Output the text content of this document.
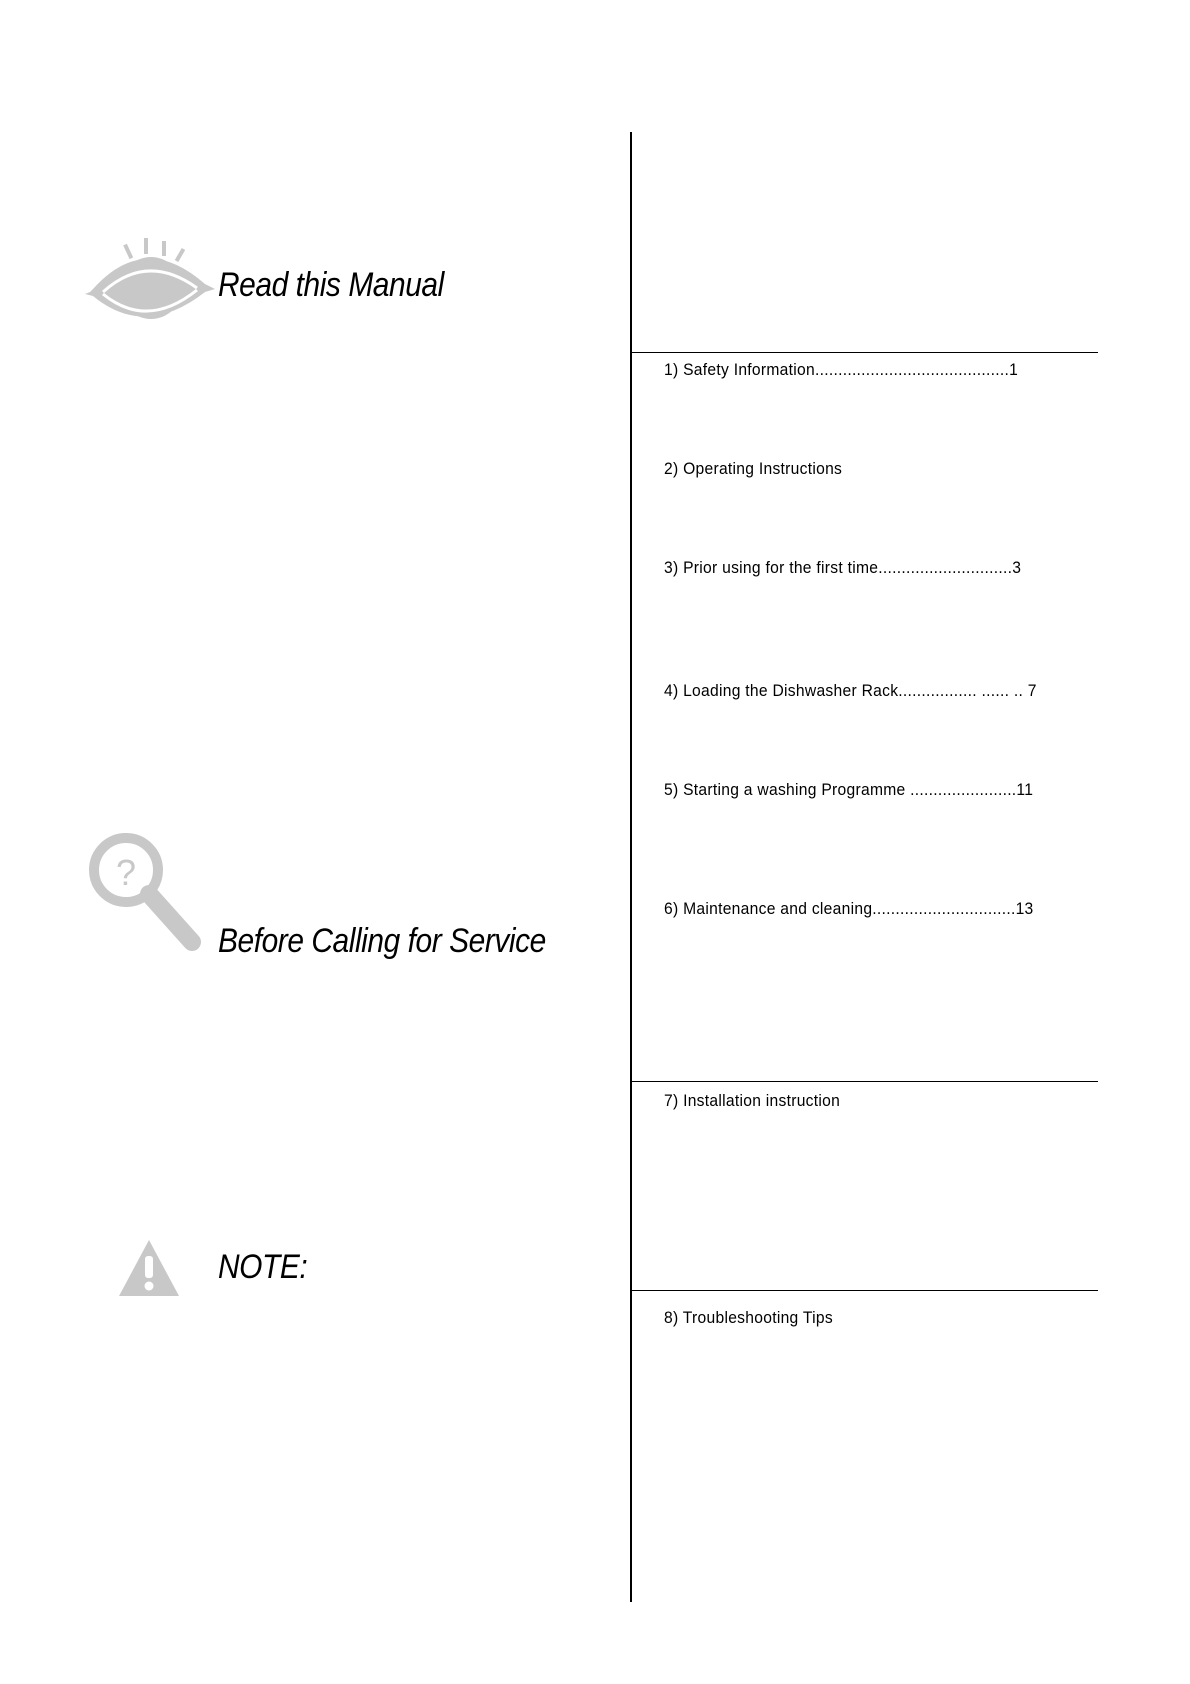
Read this Manual
?
Before Calling for Service
NOTE:
1) Safety Information..........................................1
2) Operating Instructions
3) Prior using for the first time.............................3
4) Loading the Dishwasher Rack................. ...... .. 7
5) Starting a washing Programme .......................11
6) Maintenance and cleaning...............................13
7) Installation instruction
8) Troubleshooting Tips
